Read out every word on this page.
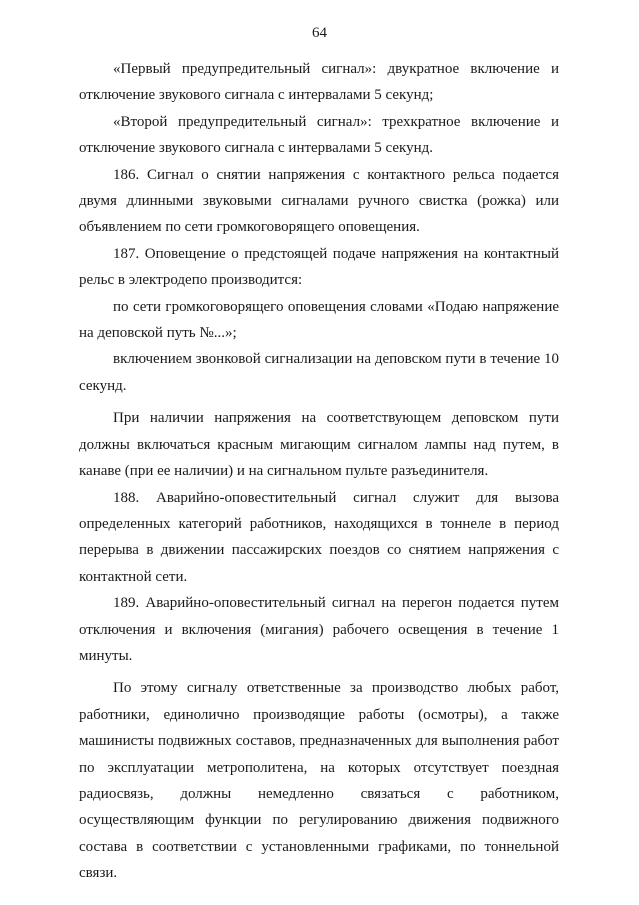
64

«Первый предупредительный сигнал»: двукратное включение и отключение звукового сигнала с интервалами 5 секунд;

«Второй предупредительный сигнал»: трехкратное включение и отключение звукового сигнала с интервалами 5 секунд.

186. Сигнал о снятии напряжения с контактного рельса подается двумя длинными звуковыми сигналами ручного свистка (рожка) или объявлением по сети громкоговорящего оповещения.

187. Оповещение о предстоящей подаче напряжения на контактный рельс в электродепо производится:

по сети громкоговорящего оповещения словами «Подаю напряжение на деповской путь №...»;

включением звонковой сигнализации на деповском пути в течение 10 секунд.

При наличии напряжения на соответствующем деповском пути должны включаться красным мигающим сигналом лампы над путем, в канаве (при ее наличии) и на сигнальном пульте разъединителя.

188. Аварийно-оповестительный сигнал служит для вызова определенных категорий работников, находящихся в тоннеле в период перерыва в движении пассажирских поездов со снятием напряжения с контактной сети.

189. Аварийно-оповестительный сигнал на перегон подается путем отключения и включения (мигания) рабочего освещения в течение 1 минуты.

По этому сигналу ответственные за производство любых работ, работники, единолично производящие работы (осмотры), а также машинисты подвижных составов, предназначенных для выполнения работ по эксплуатации метрополитена, на которых отсутствует поездная радиосвязь, должны немедленно связаться с работником, осуществляющим функции по регулированию движения подвижного состава в соответствии с установленными графиками, по тоннельной связи.
